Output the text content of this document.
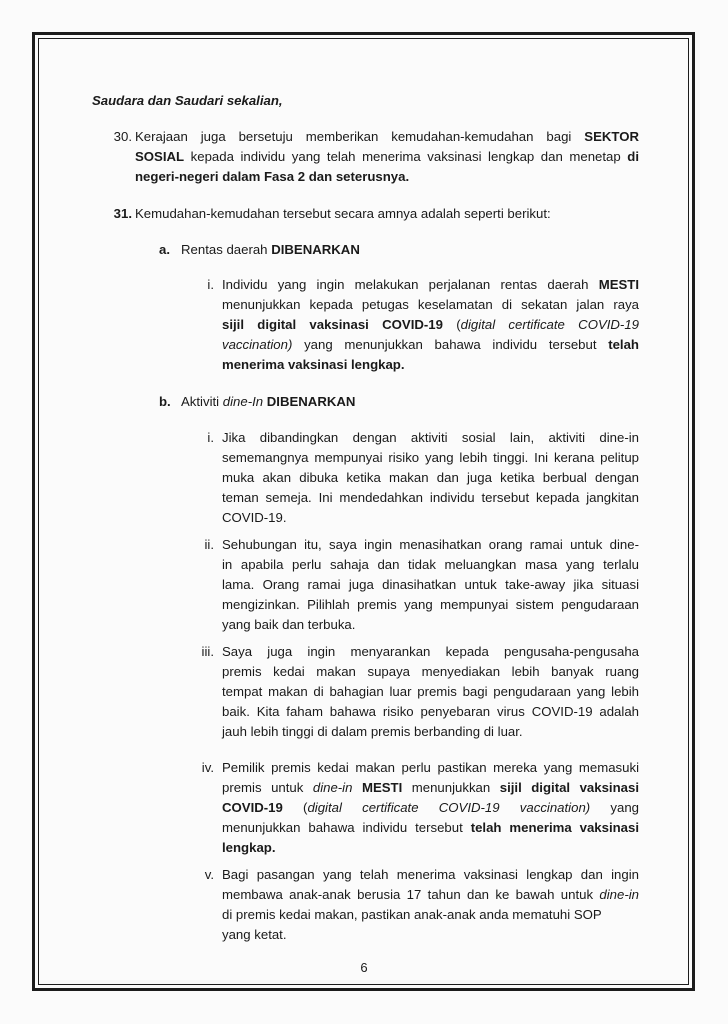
Saudara dan Saudari sekalian,
30. Kerajaan juga bersetuju memberikan kemudahan-kemudahan bagi SEKTOR
SOSIAL kepada individu yang telah menerima vaksinasi lengkap dan menetap di
negeri-negeri dalam Fasa 2 dan seterusnya.
31. Kemudahan-kemudahan tersebut secara amnya adalah seperti berikut:
a. Rentas daerah DIBENARKAN
i. Individu yang ingin melakukan perjalanan rentas daerah MESTI
menunjukkan kepada petugas keselamatan di sekatan jalan raya
sijil digital vaksinasi COVID-19 (digital certificate COVID-19
vaccination) yang menunjukkan bahawa individu tersebut telah
menerima vaksinasi lengkap.
b. Aktiviti dine-In DIBENARKAN
i. Jika dibandingkan dengan aktiviti sosial lain, aktiviti dine-in
sememangnya mempunyai risiko yang lebih tinggi. Ini kerana pelitup
muka akan dibuka ketika makan dan juga ketika berbual dengan
teman semeja. Ini mendedahkan individu tersebut kepada jangkitan
COVID-19.
ii. Sehubungan itu, saya ingin menasihatkan orang ramai untuk dine-
in apabila perlu sahaja dan tidak meluangkan masa yang terlalu
lama. Orang ramai juga dinasihatkan untuk take-away jika situasi
mengizinkan. Pilihlah premis yang mempunyai sistem pengudaraan
yang baik dan terbuka.
iii. Saya juga ingin menyarankan kepada pengusaha-pengusaha
premis kedai makan supaya menyediakan lebih banyak ruang
tempat makan di bahagian luar premis bagi pengudaraan yang lebih
baik. Kita faham bahawa risiko penyebaran virus COVID-19 adalah
jauh lebih tinggi di dalam premis berbanding di luar.
iv. Pemilik premis kedai makan perlu pastikan mereka yang memasuki
premis untuk dine-in MESTI menunjukkan sijil digital vaksinasi
COVID-19 (digital certificate COVID-19 vaccination) yang
menunjukkan bahawa individu tersebut telah menerima vaksinasi
lengkap.
v. Bagi pasangan yang telah menerima vaksinasi lengkap dan ingin
membawa anak-anak berusia 17 tahun dan ke bawah untuk dine-in
di premis kedai makan, pastikan anak-anak anda mematuhi SOP
yang ketat.
6
